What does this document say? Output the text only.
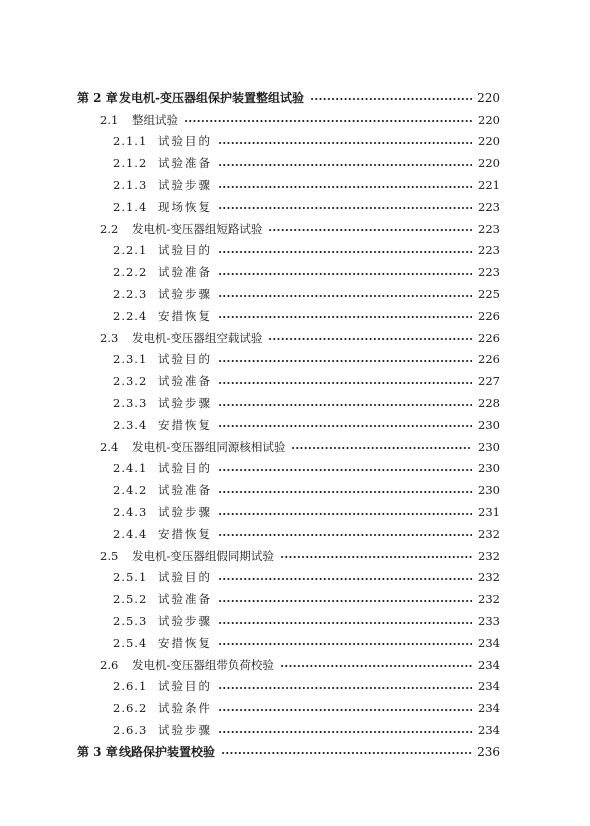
第 2 章 发电机-变压器组保护装置整组试验	220
2.1	整组试验	220
2.1.1 试验目的	220
2.1.2 试验准备	220
2.1.3 试验步骤	221
2.1.4 现场恢复	223
2.2	发电机-变压器组短路试验	223
2.2.1 试验目的	223
2.2.2 试验准备	223
2.2.3 试验步骤	225
2.2.4 安措恢复	226
2.3	发电机-变压器组空载试验	226
2.3.1 试验目的	226
2.3.2 试验准备	227
2.3.3 试验步骤	228
2.3.4 安措恢复	230
2.4	发电机-变压器组同源核相试验	230
2.4.1 试验目的	230
2.4.2 试验准备	230
2.4.3 试验步骤	231
2.4.4 安措恢复	232
2.5	发电机-变压器组假同期试验	232
2.5.1 试验目的	232
2.5.2 试验准备	232
2.5.3 试验步骤	233
2.5.4 安措恢复	234
2.6	发电机-变压器组带负荷校验	234
2.6.1 试验目的	234
2.6.2 试验条件	234
2.6.3 试验步骤	234
第 3 章 线路保护装置校验	236
